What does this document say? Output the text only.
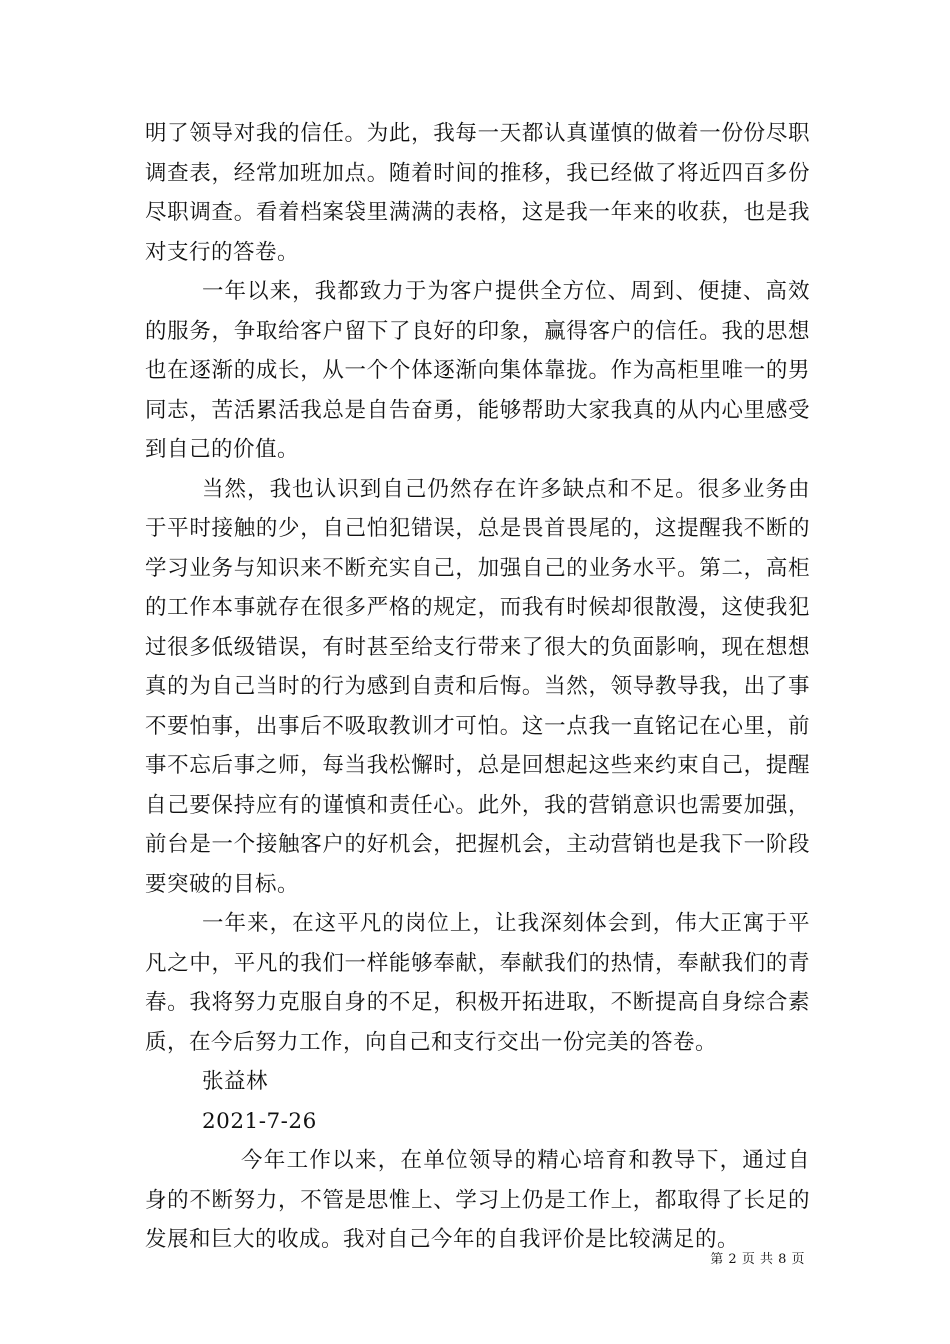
明了领导对我的信任。为此，我每一天都认真谨慎的做着一份份尽职调查表，经常加班加点。随着时间的推移，我已经做了将近四百多份尽职调查。看着档案袋里满满的表格，这是我一年来的收获，也是我对支行的答卷。

一年以来，我都致力于为客户提供全方位、周到、便捷、高效的服务，争取给客户留下了良好的印象，赢得客户的信任。我的思想也在逐渐的成长，从一个个体逐渐向集体靠拢。作为高柜里唯一的男同志，苦活累活我总是自告奋勇，能够帮助大家我真的从内心里感受到自己的价值。

当然，我也认识到自己仍然存在许多缺点和不足。很多业务由于平时接触的少，自己怕犯错误，总是畏首畏尾的，这提醒我不断的学习业务与知识来不断充实自己，加强自己的业务水平。第二，高柜的工作本事就存在很多严格的规定，而我有时候却很散漫，这使我犯过很多低级错误，有时甚至给支行带来了很大的负面影响，现在想想真的为自己当时的行为感到自责和后悔。当然，领导教导我，出了事不要怕事，出事后不吸取教训才可怕。这一点我一直铭记在心里，前事不忘后事之师，每当我松懈时，总是回想起这些来约束自己，提醒自己要保持应有的谨慎和责任心。此外，我的营销意识也需要加强，前台是一个接触客户的好机会，把握机会，主动营销也是我下一阶段要突破的目标。

一年来，在这平凡的岗位上，让我深刻体会到，伟大正寓于平凡之中，平凡的我们一样能够奉献，奉献我们的热情，奉献我们的青春。我将努力克服自身的不足，积极开拓进取，不断提高自身综合素质，在今后努力工作，向自己和支行交出一份完美的答卷。

张益林

2021-7-26

今年工作以来，在单位领导的精心培育和教导下，通过自身的不断努力，不管是思惟上、学习上仍是工作上，都取得了长足的发展和巨大的收成。我对自己今年的自我评价是比较满足的。

第 2 页 共 8 页
